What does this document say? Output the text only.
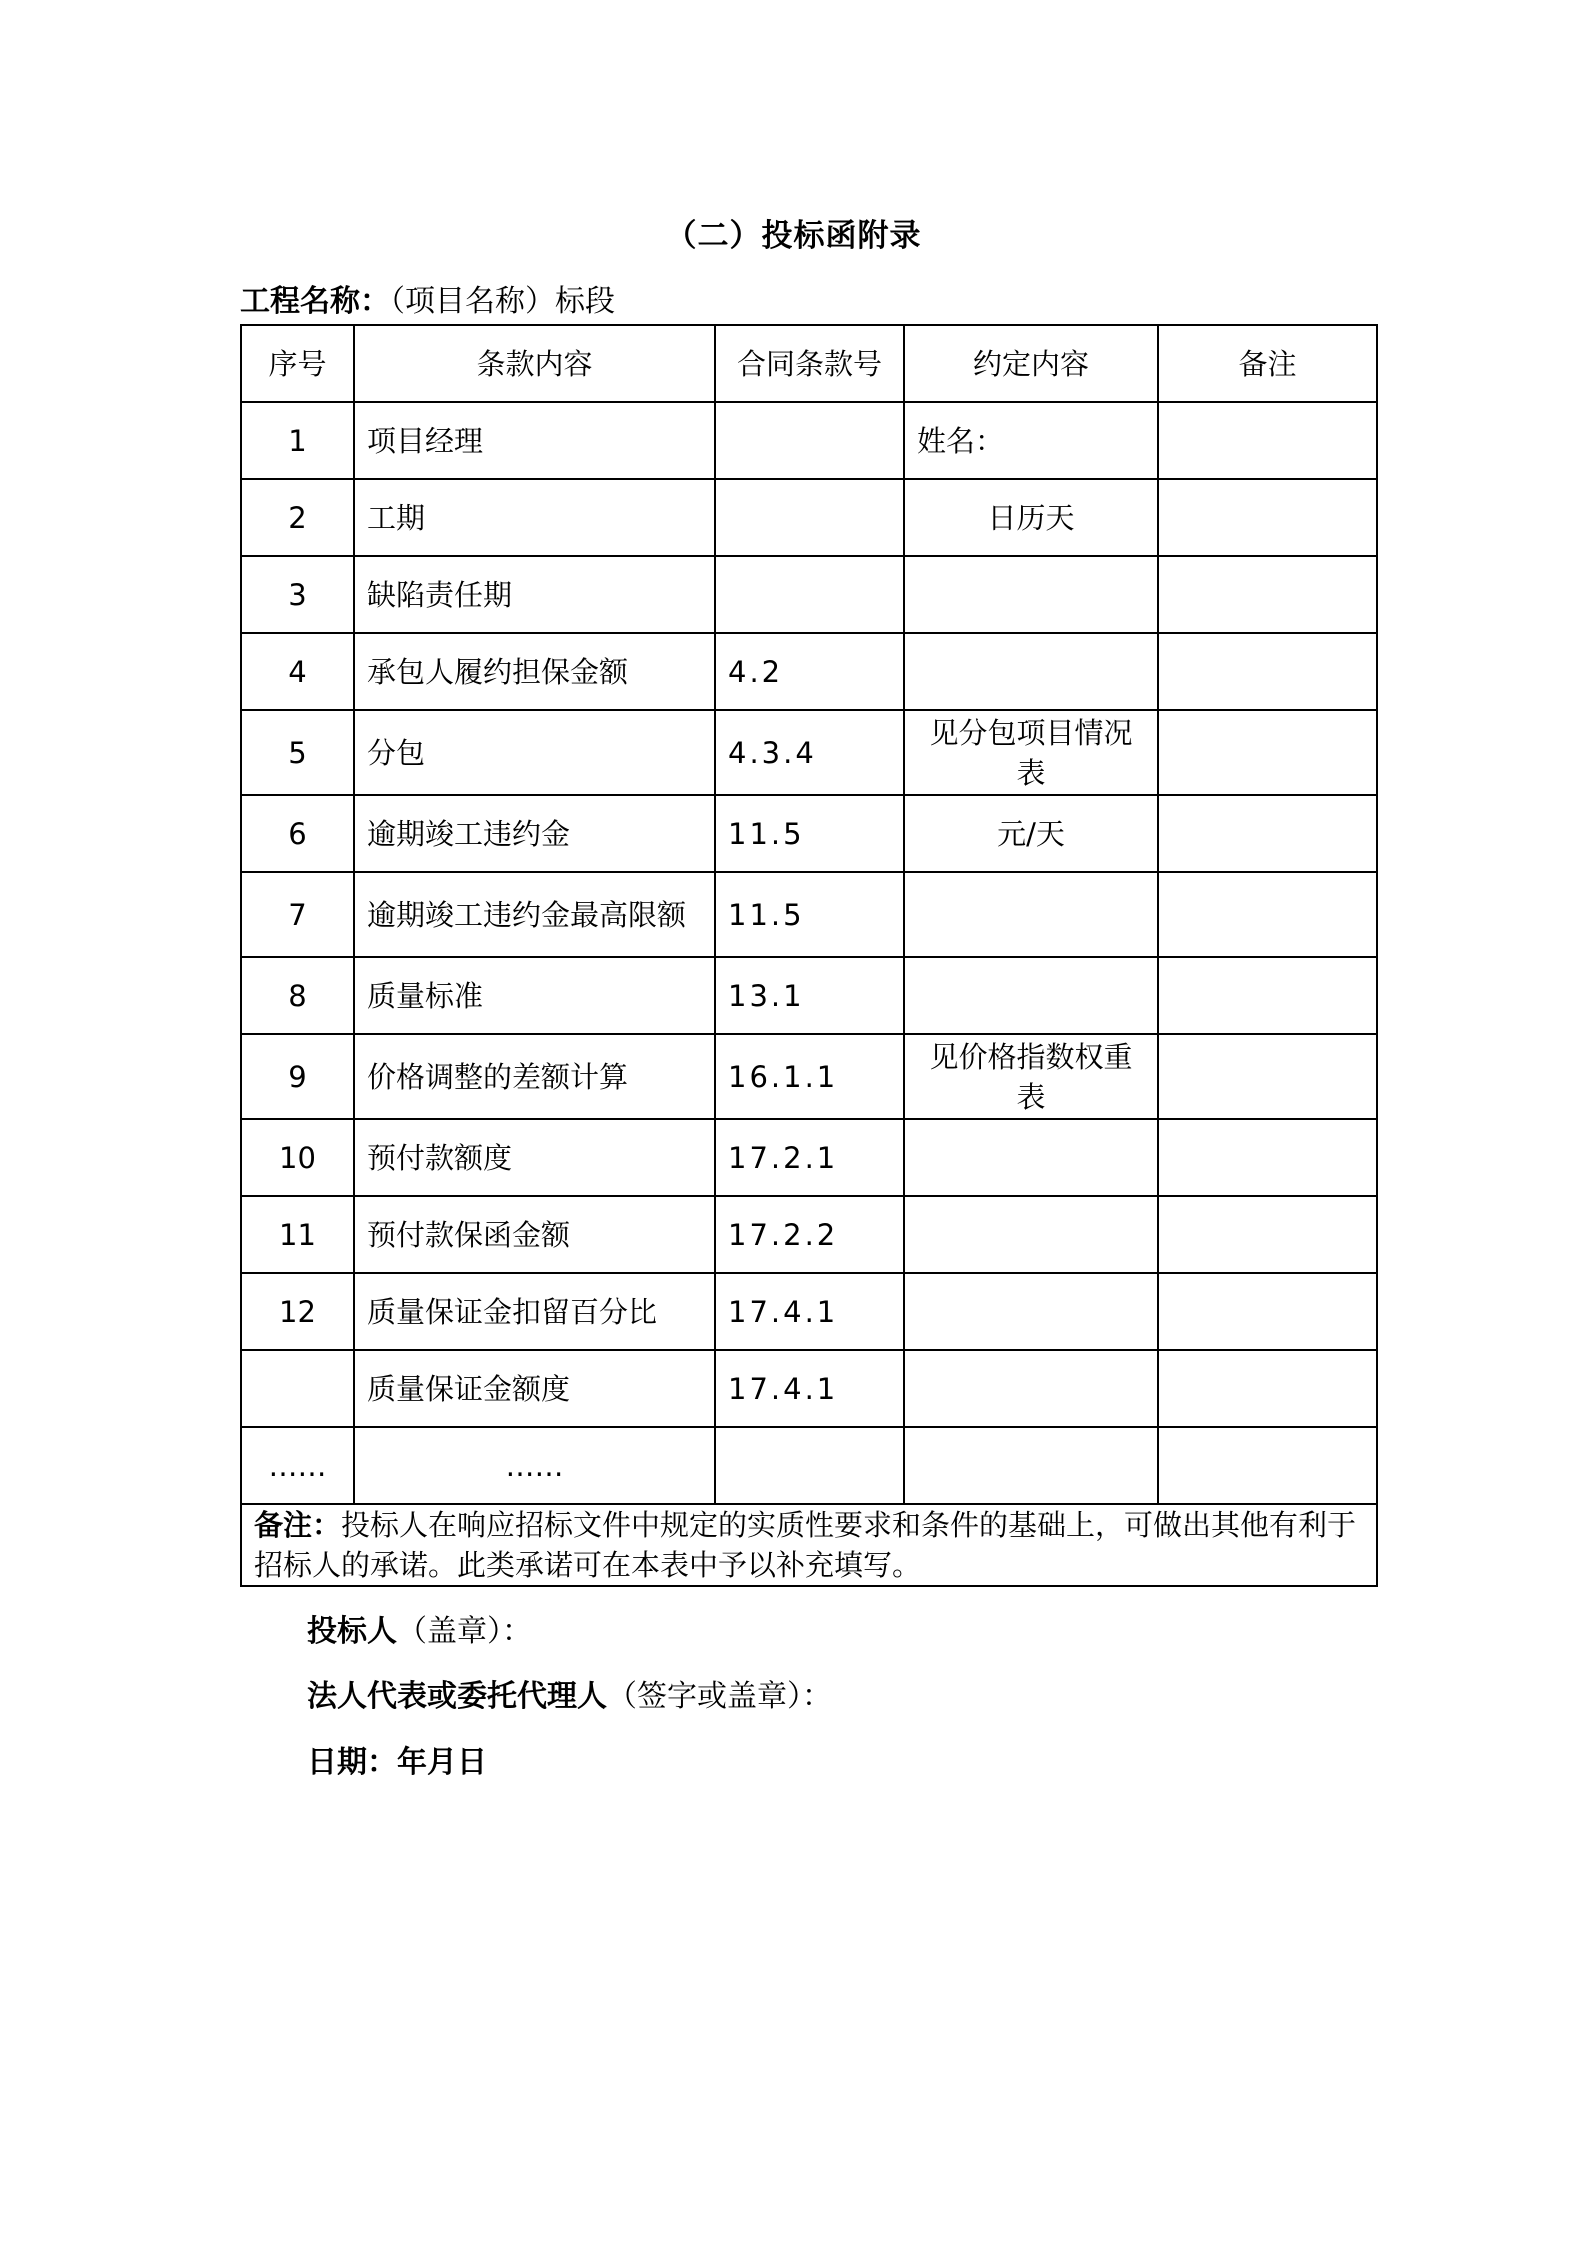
（二）投标函附录
工程名称：（项目名称）标段
序号	条款内容	合同条款号	约定内容	备注
1	项目经理		姓名：	
2	工期		日历天	
3	缺陷责任期			
4	承包人履约担保金额	4.2		
5	分包	4.3.4	见分包项目情况表	
6	逾期竣工违约金	11.5	元/天	
7	逾期竣工违约金最高限额	11.5		
8	质量标准	13.1		
9	价格调整的差额计算	16.1.1	见价格指数权重表	
10	预付款额度	17.2.1		
11	预付款保函金额	17.2.2		
12	质量保证金扣留百分比	17.4.1		
	质量保证金额度	17.4.1		
……	……			
备注：投标人在响应招标文件中规定的实质性要求和条件的基础上，可做出其他有利于招标人的承诺。此类承诺可在本表中予以补充填写。				
投标人（盖章）：
法人代表或委托代理人（签字或盖章）：
日期：年月日
